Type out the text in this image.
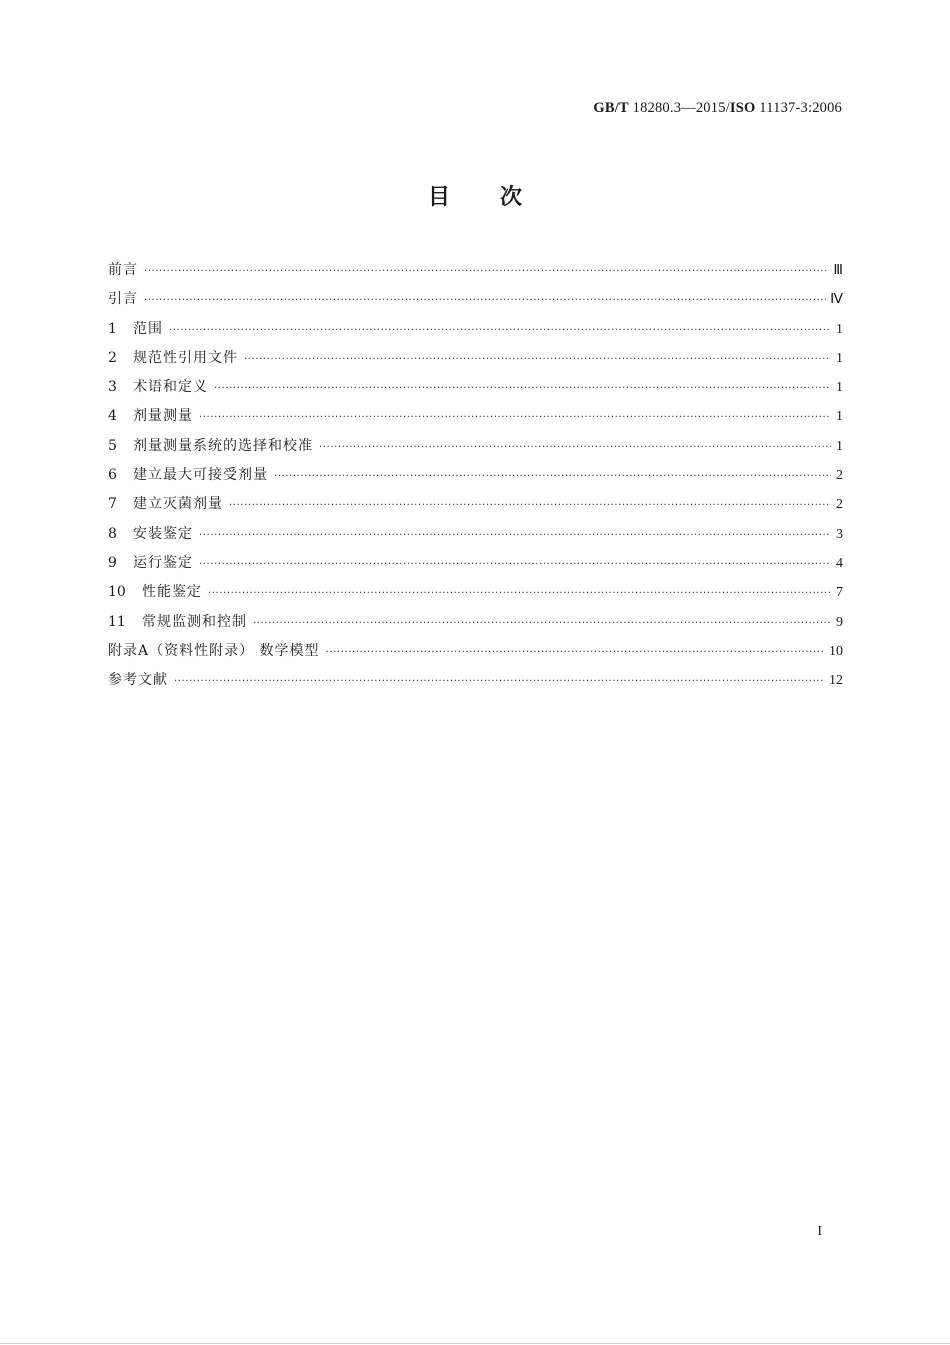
GB/T 18280.3—2015/ISO 11137-3:2006
目次
前言 ·····	Ⅲ
引言 ·····	Ⅳ
1	范围 ·····	1
2	规范性引用文件 ·····	1
3	术语和定义 ·····	1
4	剂量测量 ·····	1
5	剂量测量系统的选择和校准 ·····	1
6	建立最大可接受剂量 ·····	2
7	建立灭菌剂量 ·····	2
8	安装鉴定 ·····	3
9	运行鉴定 ·····	4
10	性能鉴定 ·····	7
11	常规监测和控制 ·····	9
附录A（资料性附录） 数学模型 ·····	10
参考文献 ·····	12
I
